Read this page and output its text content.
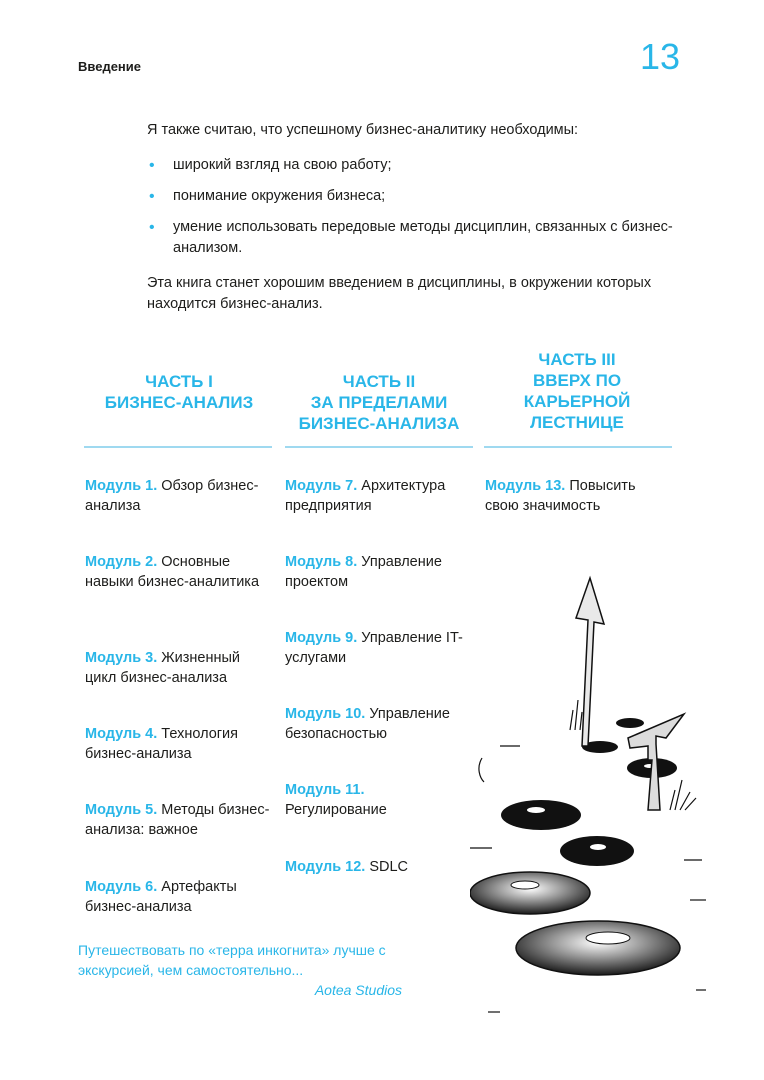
Введение	13

Я также считаю, что успешному бизнес-аналитику необходимы:

• широкий взгляд на свою работу;
• понимание окружения бизнеса;
• умение использовать передовые методы дисциплин, связанных с бизнес-анализом.

Эта книга станет хорошим введением в дисциплины, в окружении которых находится бизнес-анализ.

ЧАСТЬ I
БИЗНЕС-АНАЛИЗ
ЧАСТЬ II
ЗА ПРЕДЕЛАМИ БИЗНЕС-АНАЛИЗА
ЧАСТЬ III
ВВЕРХ ПО КАРЬЕРНОЙ ЛЕСТНИЦЕ
Модуль 1. Обзор бизнес-анализа
Модуль 2. Основные навыки бизнес-аналитика
Модуль 3. Жизненный цикл бизнес-анализа
Модуль 4. Технология бизнес-анализа
Модуль 5. Методы бизнес-анализа: важное
Модуль 6. Артефакты бизнес-анализа
Модуль 7. Архитектура предприятия
Модуль 8. Управление проектом
Модуль 9. Управление IT-услугами
Модуль 10. Управление безопасностью
Модуль 11. Регулирование
Модуль 12. SDLC
Модуль 13. Повысить свою значимость
Путешествовать по «терра инкогнита» лучше с экскурсией, чем самостоятельно...
Aotea Studios
